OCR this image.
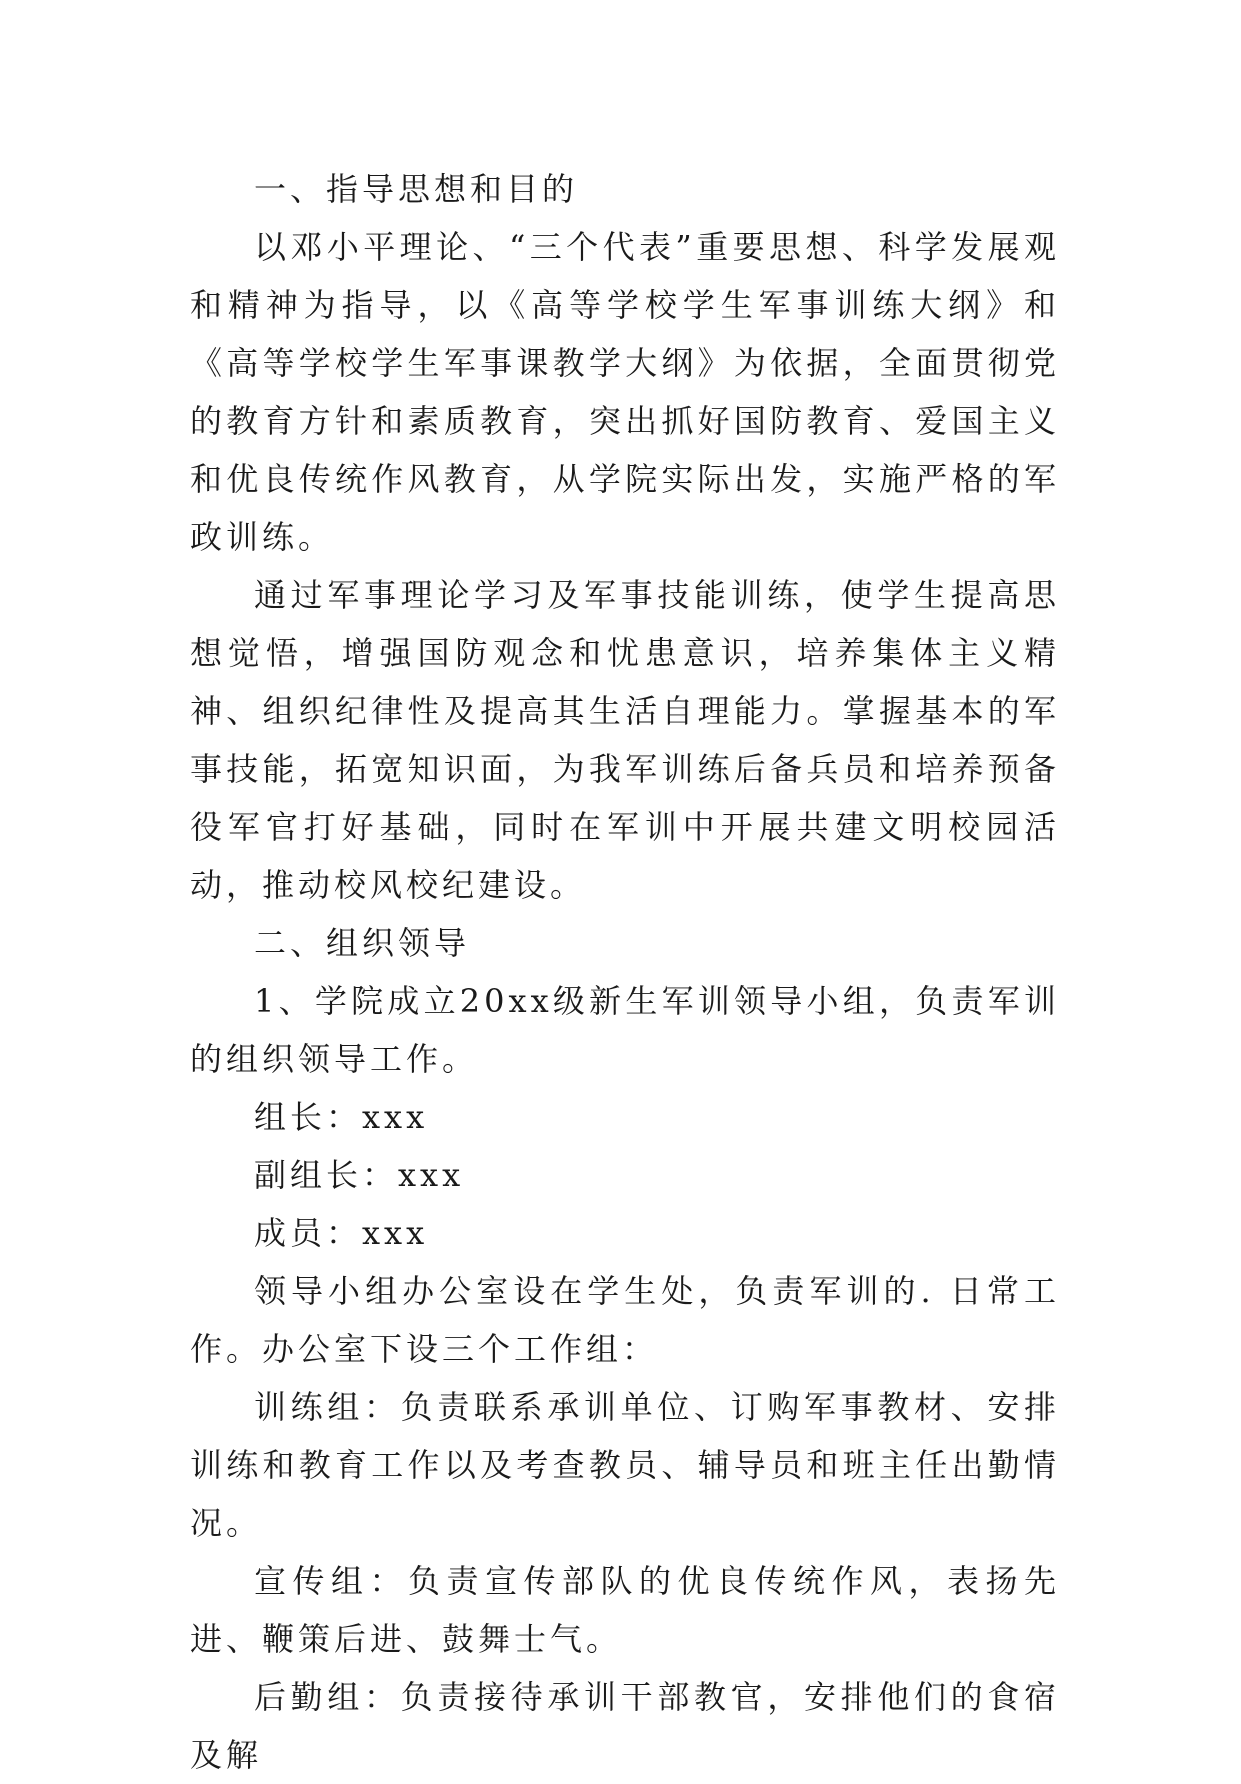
一、指导思想和目的

以邓小平理论、“三个代表”重要思想、科学发展观和精神为指导，以《高等学校学生军事训练大纲》和《高等学校学生军事课教学大纲》为依据，全面贯彻党的教育方针和素质教育，突出抓好国防教育、爱国主义和优良传统作风教育，从学院实际出发，实施严格的军政训练。

通过军事理论学习及军事技能训练，使学生提高思想觉悟，增强国防观念和忧患意识，培养集体主义精神、组织纪律性及提高其生活自理能力。掌握基本的军事技能，拓宽知识面，为我军训练后备兵员和培养预备役军官打好基础，同时在军训中开展共建文明校园活动，推动校风校纪建设。

二、组织领导

1、学院成立20xx级新生军训领导小组，负责军训的组织领导工作。

组长：xxx

副组长：xxx

成员：xxx

领导小组办公室设在学生处，负责军训的. 日常工作。办公室下设三个工作组：

训练组：负责联系承训单位、订购军事教材、安排训练和教育工作以及考查教员、辅导员和班主任出勤情况。

宣传组：负责宣传部队的优良传统作风，表扬先进、鞭策后进、鼓舞士气。

后勤组：负责接待承训干部教官，安排他们的食宿及解
